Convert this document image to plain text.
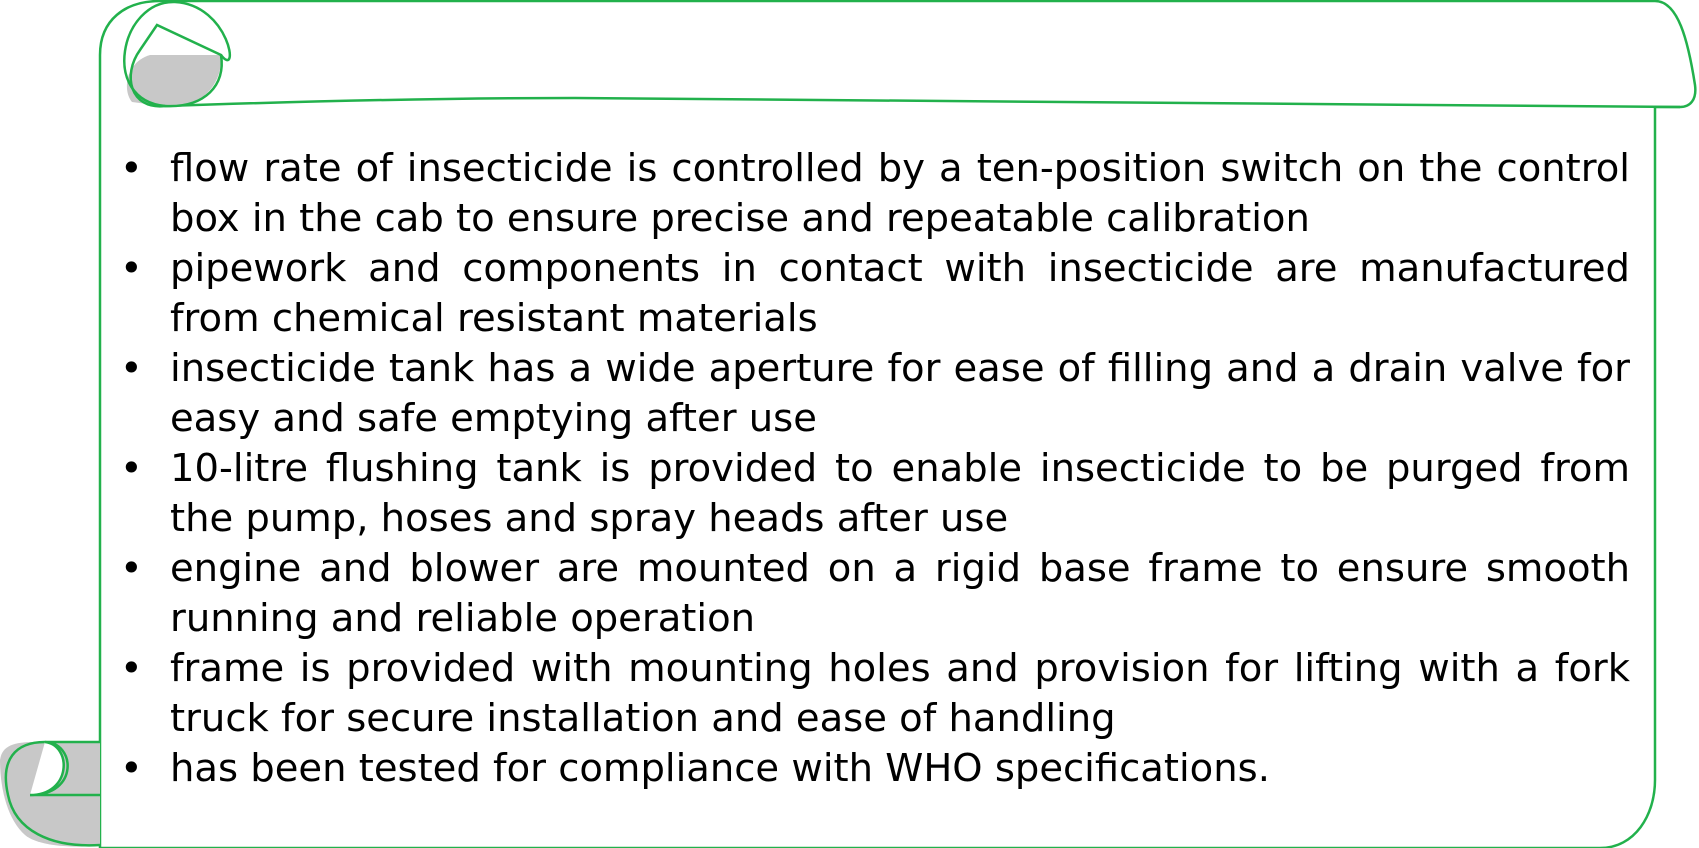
• flow rate of insecticide is controlled by a ten-position switch on the control box in the cab to ensure precise and repeatable calibration
• pipework and components in contact with insecticide are manufactured from chemical resistant materials
• insecticide tank has a wide aperture for ease of filling and a drain valve for easy and safe emptying after use
• 10-litre flushing tank is provided to enable insecticide to be purged from the pump, hoses and spray heads after use
• engine and blower are mounted on a rigid base frame to ensure smooth running and reliable operation
• frame is provided with mounting holes and provision for lifting with a fork truck for secure installation and ease of handling
• has been tested for compliance with WHO specifications.
